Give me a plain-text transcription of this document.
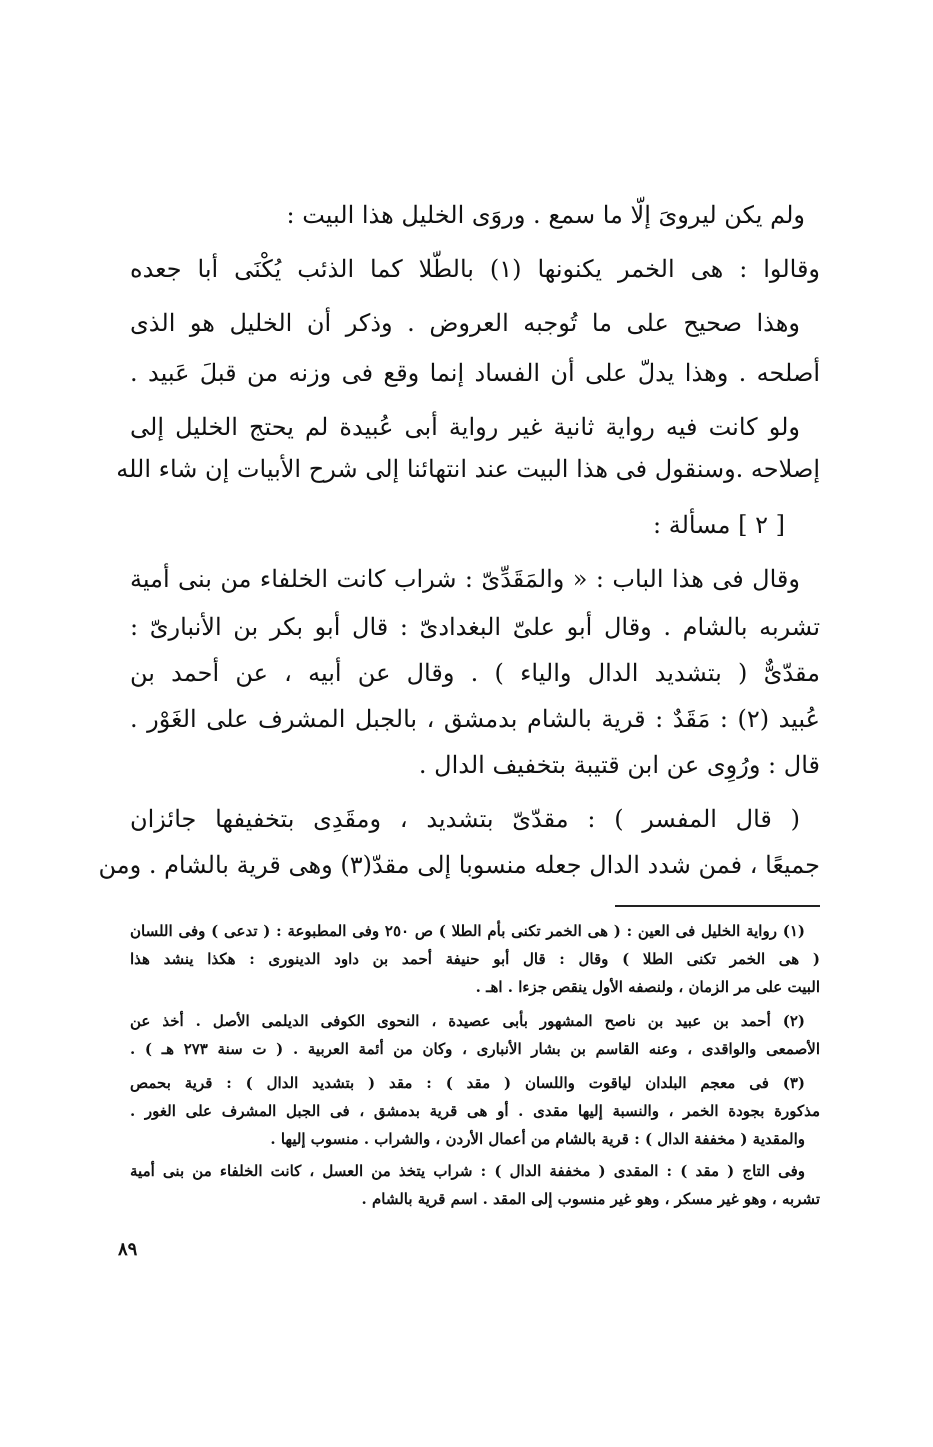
ولم يكن ليروىَ إلّا ما سمع . وروَى الخليل هذا البيت :
وقالوا : هى الخمر يكنونها (١) بالطّلا كما الذئب يُكْنَى أبا جعده
وهذا صحيح على ما تُوجبه العروض . وذكر أن الخليل هو الذى
أصلحه . وهذا يدلّ على أن الفساد إنما وقع فى وزنه من قبلَ عَبيد .
ولو كانت فيه رواية ثانية غير رواية أبى عُبيدة لم يحتج الخليل إلى
إصلاحه .وسنقول فى هذا البيت عند انتهائنا إلى شرح الأبيات إن شاء الله
[ ٢ ] مسألة :
وقال فى هذا الباب : « والمَقَدِّىّ : شراب كانت الخلفاء من بنى أمية
تشربه بالشام . وقال أبو علىّ البغدادىّ : قال أبو بكر بن الأنبارىّ :
مقدّىٌّ ( بتشديد الدال والياء ) . وقال عن أبيه ، عن أحمد بن
عُبيد (٢) : مَقَدٌ : قرية بالشام بدمشق ، بالجبل المشرف على الغَوْر .
قال : ورُوِى عن ابن قتيبة بتخفيف الدال .
( قال المفسر ) : مقدّىّ بتشديد ، ومقَدِى بتخفيفها جائزان
جميعًا ، فمن شدد الدال جعله منسوبا إلى مقدّ(٣) وهى قرية بالشام . ومن
(١) رواية الخليل فى العين : ( هى الخمر تكنى بأم الطلا ) ص ٢٥٠ وفى المطبوعة : ( تدعى ) وفى اللسان
( هى الخمر تكنى الطلا ) وقال : قال أبو حنيفة أحمد بن داود الدينورى : هكذا ينشد هذا
البيت على مر الزمان ، ولنصفه الأول ينقص جزءا . اهـ .
(٢) أحمد بن عبيد بن ناصح المشهور بأبى عصيدة ، النحوى الكوفى الديلمى الأصل . أخذ عن
الأصمعى والواقدى ، وعنه القاسم بن بشار الأنبارى ، وكان من أئمة العربية . ( ت سنة ٢٧٣ هـ ) .
(٣) فى معجم البلدان لياقوت واللسان ( مقد ) : مقد ( بتشديد الدال ) : قرية بحمص
مذكورة بجودة الخمر ، والنسبة إليها مقدى . أو هى قرية بدمشق ، فى الجبل المشرف على الغور .
والمقدية ( مخففة الدال ) : قرية بالشام من أعمال الأردن ، والشراب . منسوب إليها .
وفى التاج ( مقد ) : المقدى ( مخففة الدال ) : شراب يتخذ من العسل ، كانت الخلفاء من بنى أمية
تشربه ، وهو غير مسكر ، وهو غير منسوب إلى المقد . اسم قرية بالشام .
٨٩
